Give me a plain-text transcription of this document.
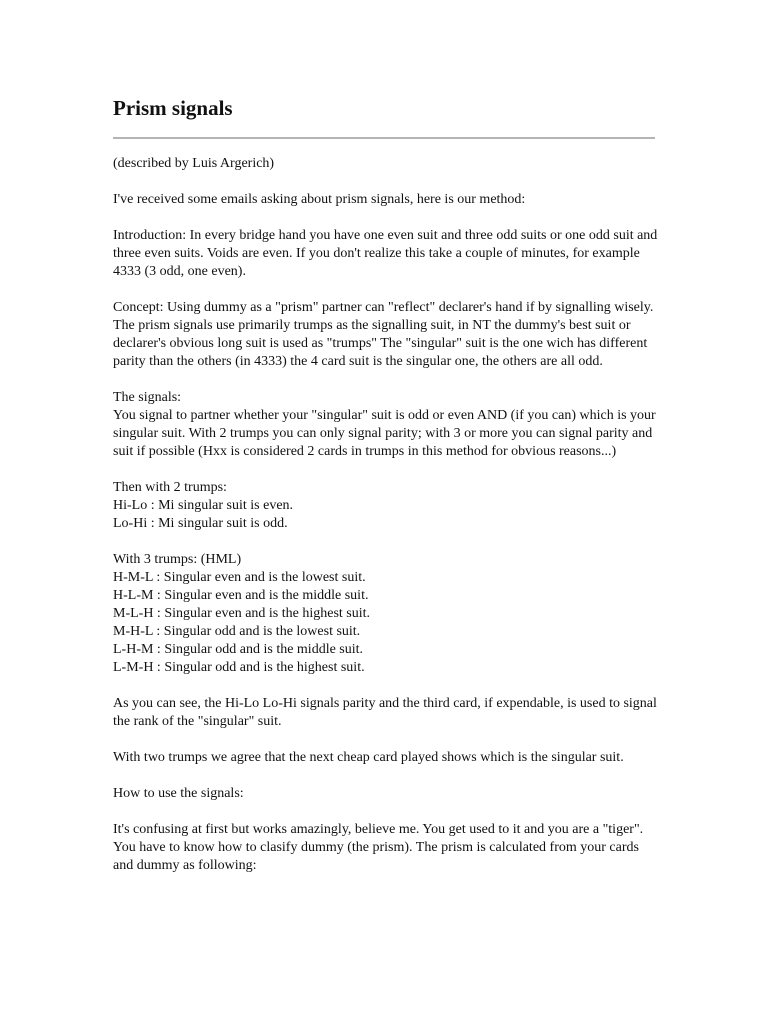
Prism signals

(described by Luis Argerich)

I've received some emails asking about prism signals, here is our method:

Introduction: In every bridge hand you have one even suit and three odd suits or one odd suit and three even suits. Voids are even. If you don't realize this take a couple of minutes, for example 4333 (3 odd, one even).

Concept: Using dummy as a "prism" partner can "reflect" declarer's hand if by signalling wisely. The prism signals use primarily trumps as the signalling suit, in NT the dummy's best suit or declarer's obvious long suit is used as "trumps" The "singular" suit is the one wich has different parity than the others (in 4333) the 4 card suit is the singular one, the others are all odd.

The signals:
You signal to partner whether your "singular" suit is odd or even AND (if you can) which is your singular suit. With 2 trumps you can only signal parity; with 3 or more you can signal parity and suit if possible (Hxx is considered 2 cards in trumps in this method for obvious reasons...)

Then with 2 trumps:
Hi-Lo : Mi singular suit is even.
Lo-Hi : Mi singular suit is odd.

With 3 trumps: (HML)
H-M-L : Singular even and is the lowest suit.
H-L-M : Singular even and is the middle suit.
M-L-H : Singular even and is the highest suit.
M-H-L : Singular odd and is the lowest suit.
L-H-M : Singular odd and is the middle suit.
L-M-H : Singular odd and is the highest suit.

As you can see, the Hi-Lo Lo-Hi signals parity and the third card, if expendable, is used to signal the rank of the "singular" suit.

With two trumps we agree that the next cheap card played shows which is the singular suit.

How to use the signals:

It's confusing at first but works amazingly, believe me. You get used to it and you are a "tiger". You have to know how to clasify dummy (the prism). The prism is calculated from your cards and dummy as following:
